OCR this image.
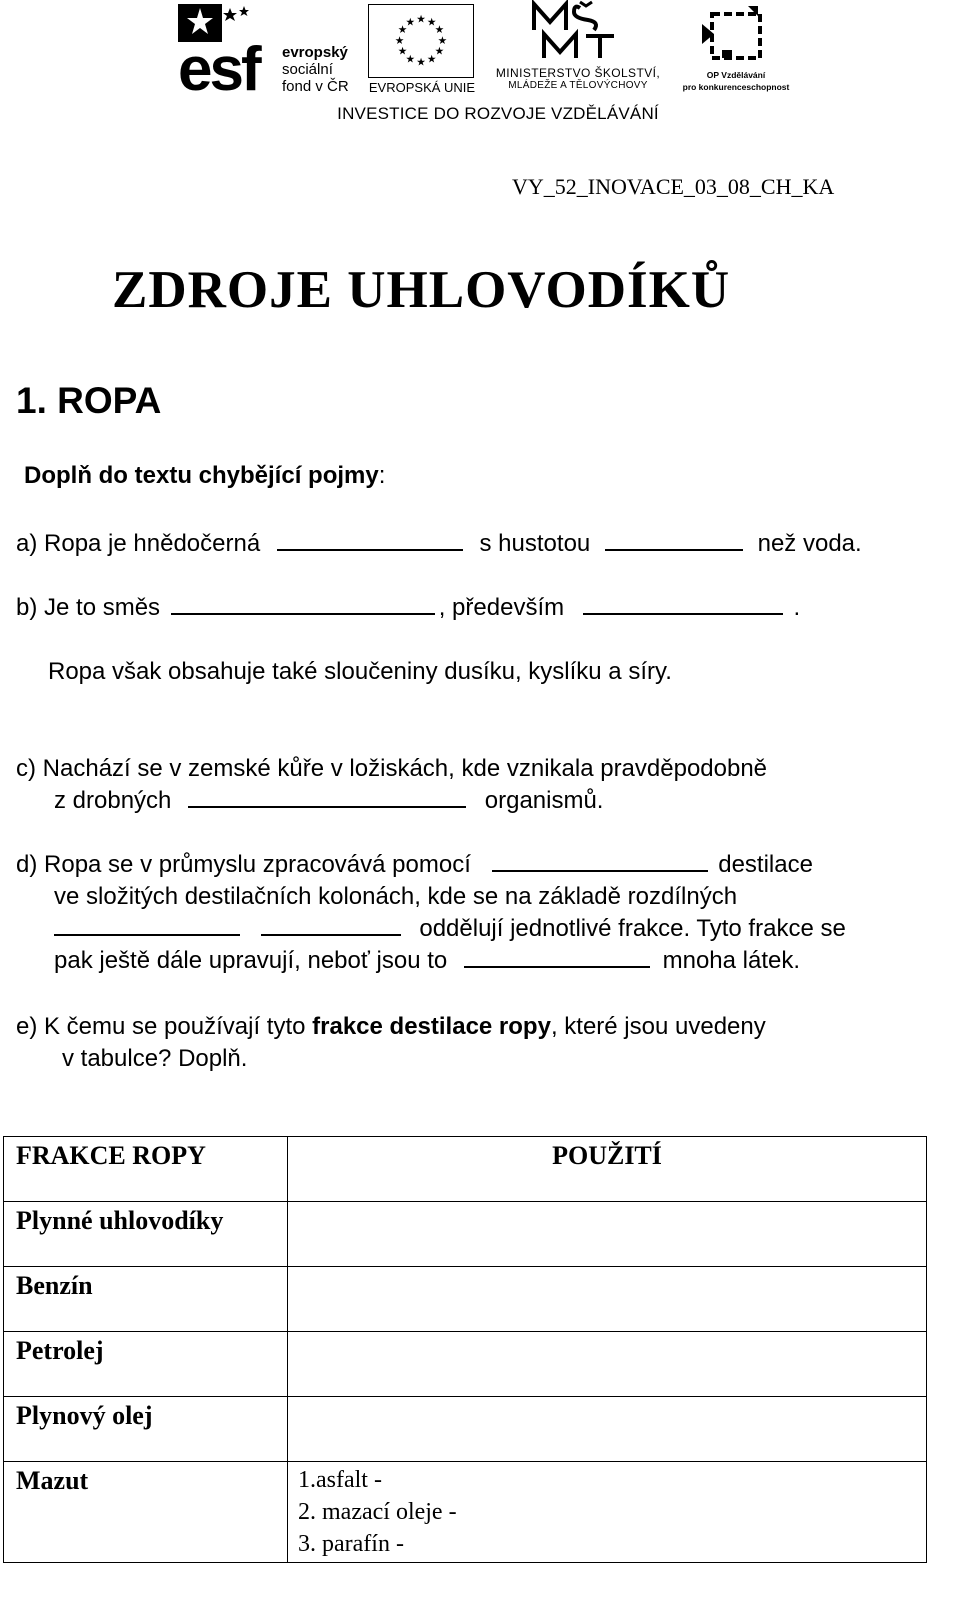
esf evropský
sociální
fond v ČR
★ ★
★
★
★
★
★
★
★
★
★
★
EVROPSKÁ UNIE
MINISTERSTVO ŠKOLSTVÍ,
MLÁDEŽE A TĚLOVÝCHOVY
OP Vzdělávání
pro konkurenceschopnost
INVESTICE DO ROZVOJE VZDĚLÁVÁNÍ
VY_52_INOVACE_03_08_CH_KA
ZDROJE UHLOVODÍKŮ
1. ROPA
Doplň do textu chybějící pojmy:
a) Ropa je hnědočerná	s hustotou	než voda.
b) Je to směs	, především	.
Ropa však obsahuje také sloučeniny dusíku, kyslíku a síry.
c) Nachází se v zemské kůře v ložiskách, kde vznikala pravděpodobně
z drobných	organismů.
d) Ropa se v průmyslu zpracovává pomocí	destilace
ve složitých destilačních kolonách, kde se na základě rozdílných
oddělují jednotlivé frakce. Tyto frakce se
pak ještě dále upravují, neboť jsou to	mnoha látek.
e) K čemu se používají tyto frakce destilace ropy, které jsou uvedeny
v tabulce? Doplň.
FRAKCE ROPY	POUŽITÍ

Plynné uhlovodíky	

Benzín	

Petrolej	

Plynový olej	

Mazut	1.asfalt -
2. mazací oleje -
3. parafín -
